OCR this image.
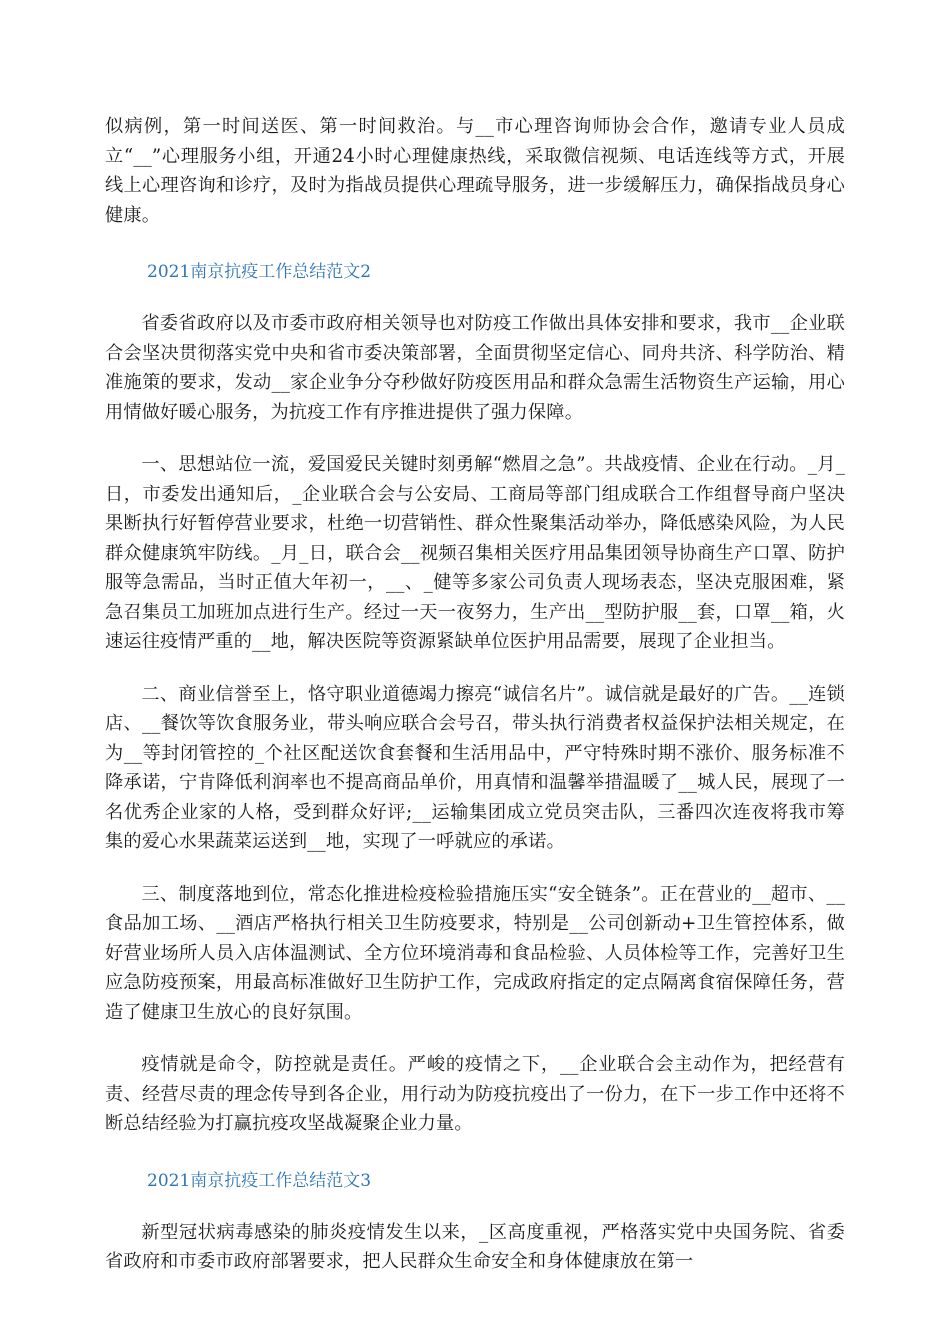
似病例，第一时间送医、第一时间救治。与__市心理咨询师协会合作，邀请专业人员成立“__”心理服务小组，开通24小时心理健康热线，采取微信视频、电话连线等方式，开展线上心理咨询和诊疗，及时为指战员提供心理疏导服务，进一步缓解压力，确保指战员身心健康。

2021南京抗疫工作总结范文2

省委省政府以及市委市政府相关领导也对防疫工作做出具体安排和要求，我市__企业联合会坚决贯彻落实党中央和省市委决策部署，全面贯彻坚定信心、同舟共济、科学防治、精准施策的要求，发动__家企业争分夺秒做好防疫医用品和群众急需生活物资生产运输，用心用情做好暖心服务，为抗疫工作有序推进提供了强力保障。

一、思想站位一流，爱国爱民关键时刻勇解“燃眉之急”。共战疫情、企业在行动。_月_日，市委发出通知后，_企业联合会与公安局、工商局等部门组成联合工作组督导商户坚决果断执行好暂停营业要求，杜绝一切营销性、群众性聚集活动举办，降低感染风险，为人民群众健康筑牢防线。_月_日，联合会__视频召集相关医疗用品集团领导协商生产口罩、防护服等急需品，当时正值大年初一，__、_健等多家公司负责人现场表态，坚决克服困难，紧急召集员工加班加点进行生产。经过一天一夜努力，生产出__型防护服__套，口罩__箱，火速运往疫情严重的__地，解决医院等资源紧缺单位医护用品需要，展现了企业担当。

二、商业信誉至上，恪守职业道德竭力擦亮“诚信名片”。诚信就是最好的广告。__连锁店、__餐饮等饮食服务业，带头响应联合会号召，带头执行消费者权益保护法相关规定，在为__等封闭管控的_个社区配送饮食套餐和生活用品中，严守特殊时期不涨价、服务标准不降承诺，宁肯降低利润率也不提高商品单价，用真情和温馨举措温暖了__城人民，展现了一名优秀企业家的人格，受到群众好评;__运输集团成立党员突击队，三番四次连夜将我市筹集的爱心水果蔬菜运送到__地，实现了一呼就应的承诺。

三、制度落地到位，常态化推进检疫检验措施压实“安全链条”。正在营业的__超市、__食品加工场、__酒店严格执行相关卫生防疫要求，特别是__公司创新动+卫生管控体系，做好营业场所人员入店体温测试、全方位环境消毒和食品检验、人员体检等工作，完善好卫生应急防疫预案，用最高标准做好卫生防护工作，完成政府指定的定点隔离食宿保障任务，营造了健康卫生放心的良好氛围。

疫情就是命令，防控就是责任。严峻的疫情之下，__企业联合会主动作为，把经营有责、经营尽责的理念传导到各企业，用行动为防疫抗疫出了一份力，在下一步工作中还将不断总结经验为打赢抗疫攻坚战凝聚企业力量。

2021南京抗疫工作总结范文3

新型冠状病毒感染的肺炎疫情发生以来，_区高度重视，严格落实党中央国务院、省委省政府和市委市政府部署要求，把人民群众生命安全和身体健康放在第一
